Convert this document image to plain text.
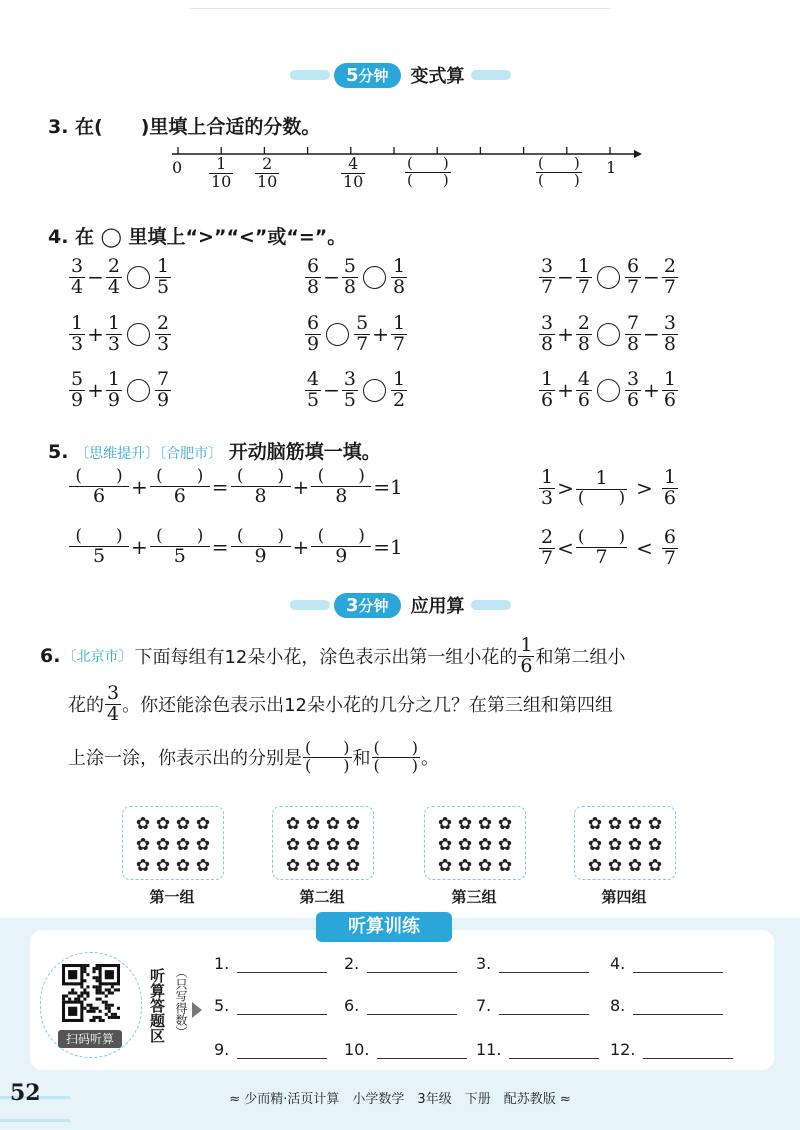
5分钟	变式算
3. 在(　　)里填上合适的分数。
$0 \frac{1}{10} \frac{2}{10}$	$\frac{4}{10}$	$\frac{( )}{( )}$	$\frac{( )}{( )} 1$
4. 在 ◯ 里填上“>”“<”或“=”。
$\frac{3}{4} - \frac{2}{4} \frac{1}{5}$	$\frac{6}{8} - \frac{5}{8} \frac{1}{8}$	$\frac{3}{7} - \frac{1}{7} \frac{6}{7} - \frac{2}{7}$
$\frac{1}{3} + \frac{1}{3} \frac{2}{3}$	$\frac{6}{9} \frac{5}{7} + \frac{1}{7}$	$\frac{3}{8} + \frac{2}{8} \frac{7}{8} - \frac{3}{8}$
$\frac{5}{9} + \frac{1}{9} \frac{7}{9}$	$\frac{4}{5} - \frac{3}{5} \frac{1}{2}$	$\frac{1}{6} + \frac{4}{6} \frac{3}{6} + \frac{1}{6}$
5. 〔思维提升〕〔合肥市〕 开动脑筋填一填。
$\frac{( )}{6} + \frac{( )}{6} = \frac{( )}{8} + \frac{( )}{8} =1$
$\frac{( )}{5} + \frac{( )}{5} = \frac{( )}{9} + \frac{( )}{9} =1$
$\frac{1}{3} > \frac{1}{( )} > \frac{1}{6}$
$\frac{2}{7} < \frac{( )}{7} < \frac{6}{7}$
3分钟	应用算
6. 〔北京市〕 下面每组有12朵小花，涂色表示出第一组小花的 $\frac{1}{6}$ 和第二组小
花的 $\frac{3}{4}$ 。你还能涂色表示出12朵小花的几分之几？在第三组和第四组
上涂一涂，你表示出的分别是 $\frac{( )}{( )}$ 和 $\frac{( )}{( )}$ 。
✿ ✿ ✿ ✿
✿ ✿ ✿ ✿
✿ ✿ ✿ ✿
第一组
✿ ✿ ✿ ✿
✿ ✿ ✿ ✿
✿ ✿ ✿ ✿
第二组
✿ ✿ ✿ ✿
✿ ✿ ✿ ✿
✿ ✿ ✿ ✿
第三组
✿ ✿ ✿ ✿
✿ ✿ ✿ ✿
✿ ✿ ✿ ✿
第四组
听算训练
扫码听算	听算答题区 （只写得数）
1.	2.	3.	4.
5.	6.	7.	8.
9.	10.	11.	12.
52	≈ 少而精·活页计算　小学数学　3年级　下册　配苏教版 ≈
